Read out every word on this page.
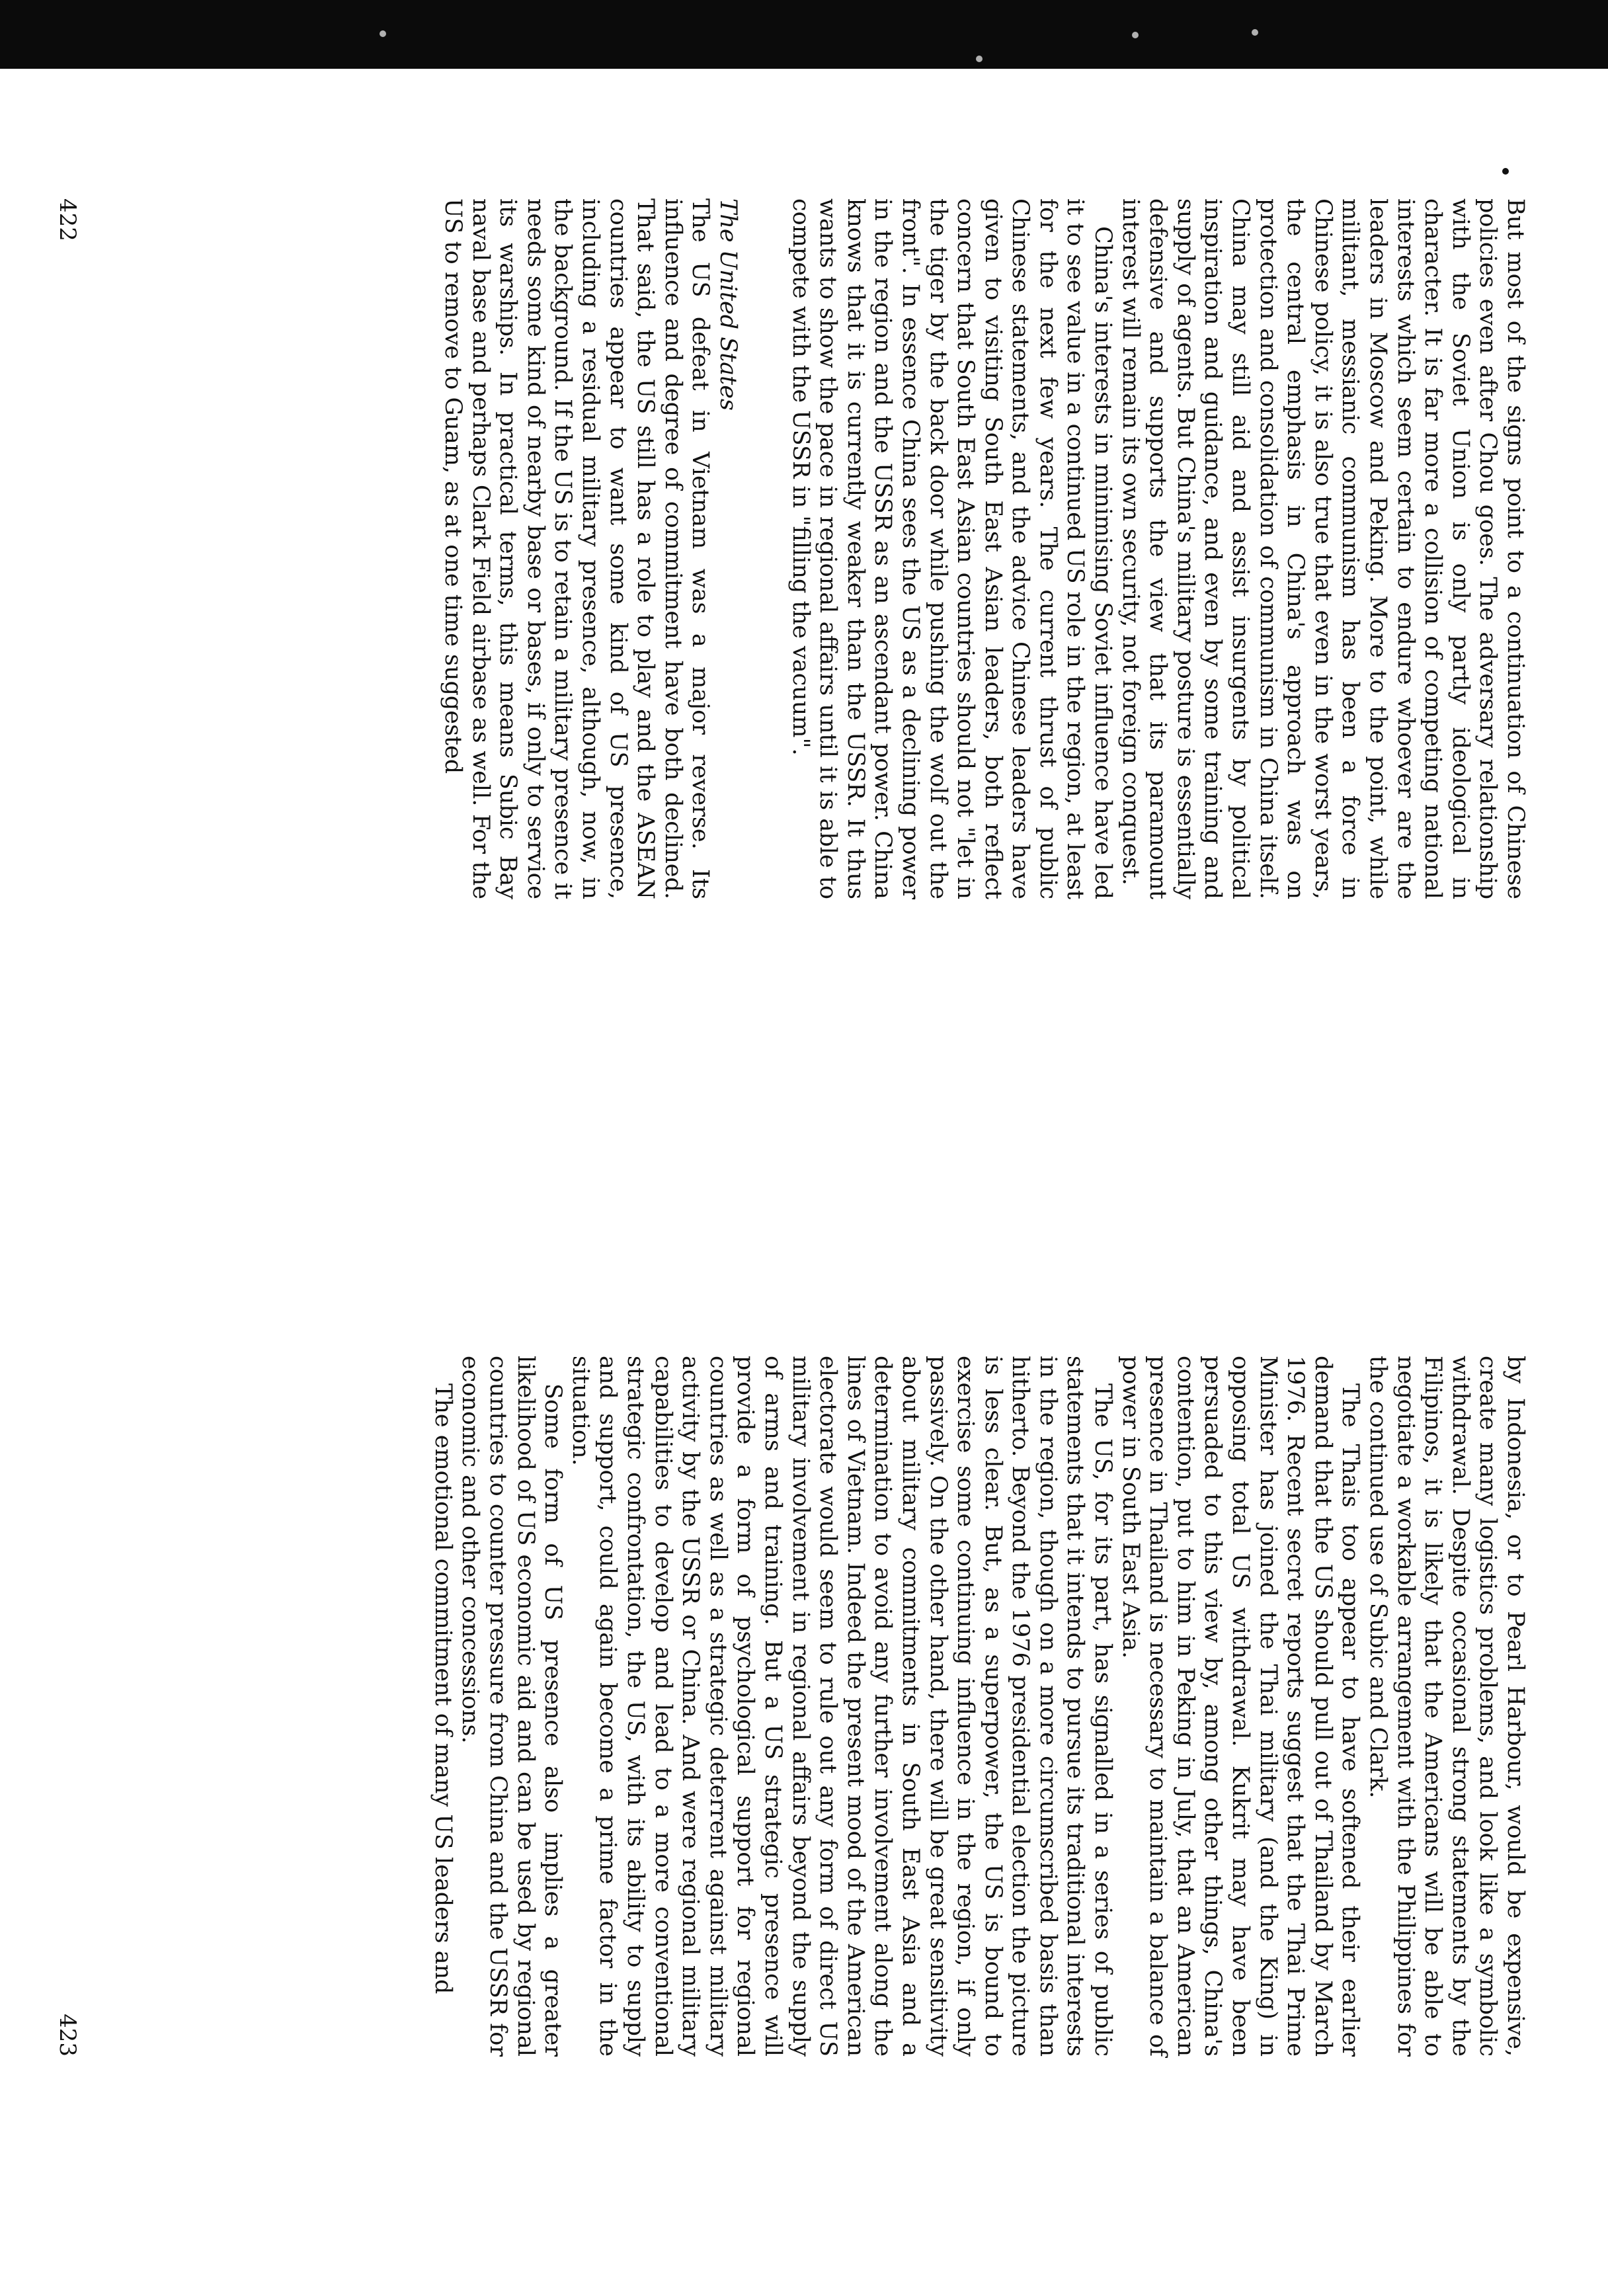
But most of the signs point to a continuation of Chinese policies even after Chou goes. The adversary relationship with the Soviet Union is only partly ideological in character. It is far more a collision of competing national interests which seem certain to endure whoever are the leaders in Moscow and Peking. More to the point, while militant, messianic communism has been a force in Chinese policy, it is also true that even in the worst years, the central emphasis in China's approach was on protection and consolidation of communism in China itself. China may still aid and assist insurgents by political inspiration and guidance, and even by some training and supply of agents. But China's military posture is essentially defensive and supports the view that its paramount interest will remain its own security, not foreign conquest.

China's interests in minimising Soviet influence have led it to see value in a continued US role in the region, at least for the next few years. The current thrust of public Chinese statements, and the advice Chinese leaders have given to visiting South East Asian leaders, both reflect concern that South East Asian countries should not "let in the tiger by the back door while pushing the wolf out the front". In essence China sees the US as a declining power in the region and the USSR as an ascendant power. China knows that it is currently weaker than the USSR. It thus wants to show the pace in regional affairs until it is able to compete with the USSR in "filling the vacuum".

The United States

The US defeat in Vietnam was a major reverse. Its influence and degree of commitment have both declined. That said, the US still has a role to play and the ASEAN countries appear to want some kind of US presence, including a residual military presence, although, now, in the background. If the US is to retain a military presence it needs some kind of nearby base or bases, if only to service its warships. In practical terms, this means Subic Bay naval base and perhaps Clark Field airbase as well. For the US to remove to Guam, as at one time suggested

422

by Indonesia, or to Pearl Harbour, would be expensive, create many logistics problems, and look like a symbolic withdrawal. Despite occasional strong statements by the Filipinos, it is likely that the Americans will be able to negotiate a workable arrangement with the Philippines for the continued use of Subic and Clark.

The Thais too appear to have softened their earlier demand that the US should pull out of Thailand by March 1976. Recent secret reports suggest that the Thai Prime Minister has joined the Thai military (and the King) in opposing total US withdrawal. Kukrit may have been persuaded to this view by, among other things, China's contention, put to him in Peking in July, that an American presence in Thailand is necessary to maintain a balance of power in South East Asia.

The US, for its part, has signalled in a series of public statements that it intends to pursue its traditional interests in the region, though on a more circumscribed basis than hitherto. Beyond the 1976 presidential election the picture is less clear. But, as a superpower, the US is bound to exercise some continuing influence in the region, if only passively. On the other hand, there will be great sensitivity about military commitments in South East Asia and a determination to avoid any further involvement along the lines of Vietnam. Indeed the present mood of the American electorate would seem to rule out any form of direct US military involvement in regional affairs beyond the supply of arms and training. But a US strategic presence will provide a form of psychological support for regional countries as well as a strategic deterrent against military activity by the USSR or China. And were regional military capabilities to develop and lead to a more conventional strategic confrontation, the US, with its ability to supply and support, could again become a prime factor in the situation.

Some form of US presence also implies a greater likelihood of US economic aid and can be used by regional countries to counter pressure from China and the USSR for economic and other concessions.

The emotional commitment of many US leaders and

423
